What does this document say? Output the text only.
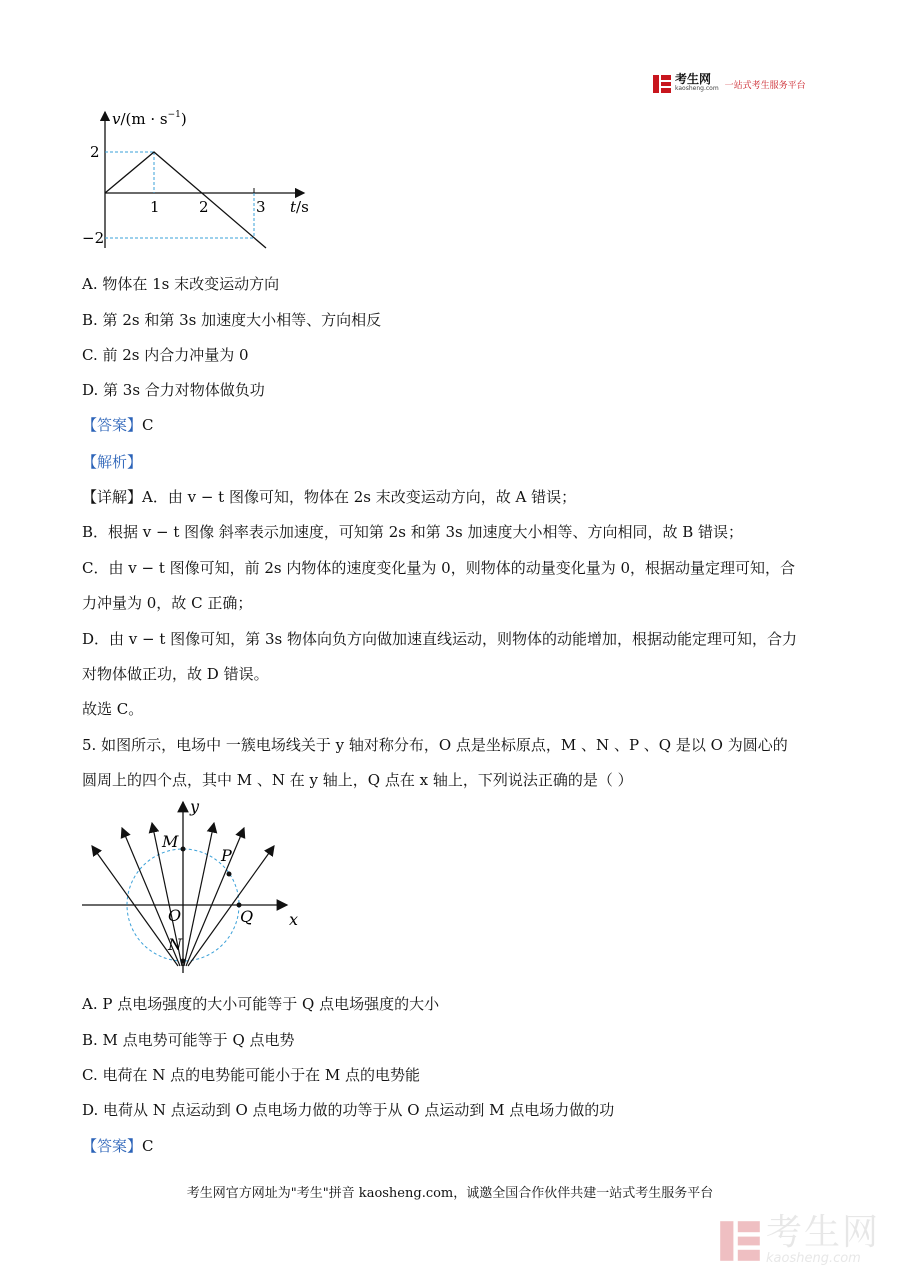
考生网
kaosheng.com 一站式考生服务平台
$v/(m \cdot s^{-1})$
2
−2
1	2	3 t/s
A. 物体在 1s 末改变运动方向
B. 第 2s 和第 3s 加速度大小相等、方向相反
C. 前 2s 内合力冲量为 0
D. 第 3s 合力对物体做负功
【答案】C
【解析】
【详解】A．由 v − t 图像可知，物体在 2s 末改变运动方向，故 A 错误；
B．根据 v − t 图像 斜率表示加速度，可知第 2s 和第 3s 加速度大小相等、方向相同，故 B 错误；
C．由 v − t 图像可知，前 2s 内物体的速度变化量为 0，则物体的动量变化量为 0，根据动量定理可知，合
力冲量为 0，故 C 正确；
D．由 v − t 图像可知，第 3s 物体向负方向做加速直线运动，则物体的动能增加，根据动能定理可知，合力
对物体做正功，故 D 错误。
故选 C。
5. 如图所示，电场中 一簇电场线关于 y 轴对称分布，O 点是坐标原点，M 、N 、P 、Q 是以 O 为圆心的
圆周上的四个点，其中 M 、N 在 y 轴上，Q 点在 x 轴上，下列说法正确的是（ ）
y
x
M
P
O	Q
N
A. P 点电场强度的大小可能等于 Q 点电场强度的大小
B. M 点电势可能等于 Q 点电势
C. 电荷在 N 点的电势能可能小于在 M 点的电势能
D. 电荷从 N 点运动到 O 点电场力做的功等于从 O 点运动到 M 点电场力做的功
【答案】C
考生网官方网址为"考生"拼音 kaosheng.com，诚邀全国合作伙伴共建一站式考生服务平台
考生网
kaosheng.com
